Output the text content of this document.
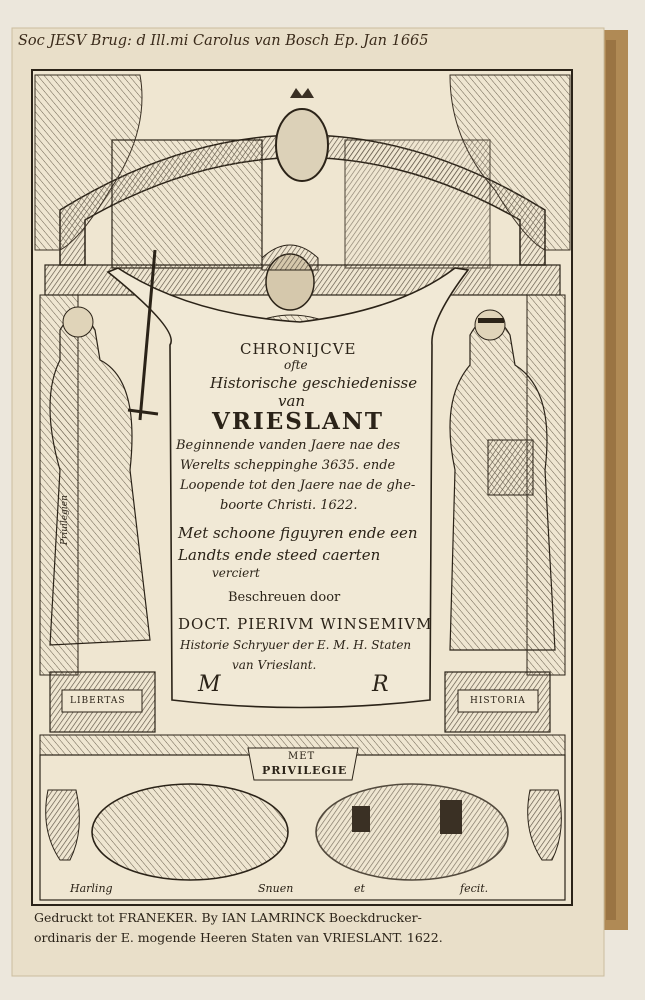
Soc JESV Brug: d Ill.mi Carolus van Bosch Ep. Jan 1665
CHRONIJCVE
ofte
Historische geschiedenisse
van
VRIESLANT
Beginnende vanden Jaere nae des
Werelts scheppinghe 3635. ende
Loopende tot den Jaere nae de ghe-
boorte Christi. 1622.
Met schoone figuyren ende een
Landts ende steed caerten
verciert
Beschreuen door
DOCT. PIERIVM WINSEMIVM
Historie Schryuer der E. M. H. Staten
van Vrieslant.
M	R
Priuilegien
LIBERTAS	HISTORIA
MET
PRIVILEGIE
Harling	Snuen	et	fecit.
Gedruckt tot FRANEKER. By IAN LAMRINCK Boeckdrucker-
ordinaris der E. mogende Heeren Staten van VRIESLANT. 1622.
